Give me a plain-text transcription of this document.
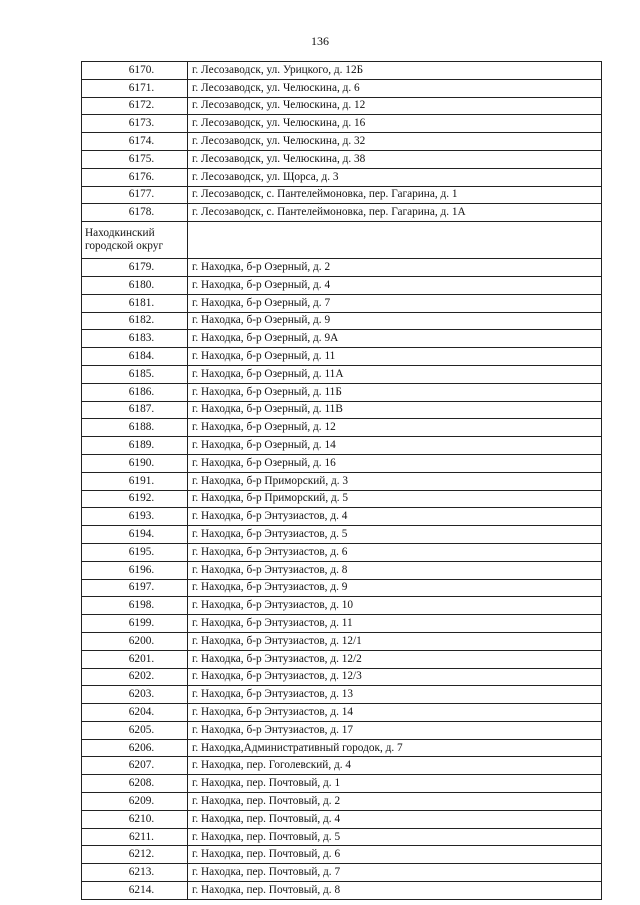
136
6170.	г. Лесозаводск, ул. Урицкого, д. 12Б
6171.	г. Лесозаводск, ул. Челюскина, д. 6
6172.	г. Лесозаводск, ул. Челюскина, д. 12
6173.	г. Лесозаводск, ул. Челюскина, д. 16
6174.	г. Лесозаводск, ул. Челюскина, д. 32
6175.	г. Лесозаводск, ул. Челюскина, д. 38
6176.	г. Лесозаводск, ул. Щорса, д. 3
6177.	г. Лесозаводск, с. Пантелеймоновка, пер. Гагарина, д. 1
6178.	г. Лесозаводск, с. Пантелеймоновка, пер. Гагарина, д. 1А
Находкинский городской округ	
6179.	г. Находка, б-р Озерный, д. 2
6180.	г. Находка, б-р Озерный, д. 4
6181.	г. Находка, б-р Озерный, д. 7
6182.	г. Находка, б-р Озерный, д. 9
6183.	г. Находка, б-р Озерный, д. 9А
6184.	г. Находка, б-р Озерный, д. 11
6185.	г. Находка, б-р Озерный, д. 11А
6186.	г. Находка, б-р Озерный, д. 11Б
6187.	г. Находка, б-р Озерный, д. 11В
6188.	г. Находка, б-р Озерный, д. 12
6189.	г. Находка, б-р Озерный, д. 14
6190.	г. Находка, б-р Озерный, д. 16
6191.	г. Находка, б-р Приморский, д. 3
6192.	г. Находка, б-р Приморский, д. 5
6193.	г. Находка, б-р Энтузиастов, д. 4
6194.	г. Находка, б-р Энтузиастов, д. 5
6195.	г. Находка, б-р Энтузиастов, д. 6
6196.	г. Находка, б-р Энтузиастов, д. 8
6197.	г. Находка, б-р Энтузиастов, д. 9
6198.	г. Находка, б-р Энтузиастов, д. 10
6199.	г. Находка, б-р Энтузиастов, д. 11
6200.	г. Находка, б-р Энтузиастов, д. 12/1
6201.	г. Находка, б-р Энтузиастов, д. 12/2
6202.	г. Находка, б-р Энтузиастов, д. 12/3
6203.	г. Находка, б-р Энтузиастов, д. 13
6204.	г. Находка, б-р Энтузиастов, д. 14
6205.	г. Находка, б-р Энтузиастов, д. 17
6206.	г. Находка,Административный городок, д. 7
6207.	г. Находка, пер. Гоголевский, д. 4
6208.	г. Находка, пер. Почтовый, д. 1
6209.	г. Находка, пер. Почтовый, д. 2
6210.	г. Находка, пер. Почтовый, д. 4
6211.	г. Находка, пер. Почтовый, д. 5
6212.	г. Находка, пер. Почтовый, д. 6
6213.	г. Находка, пер. Почтовый, д. 7
6214.	г. Находка, пер. Почтовый, д. 8
